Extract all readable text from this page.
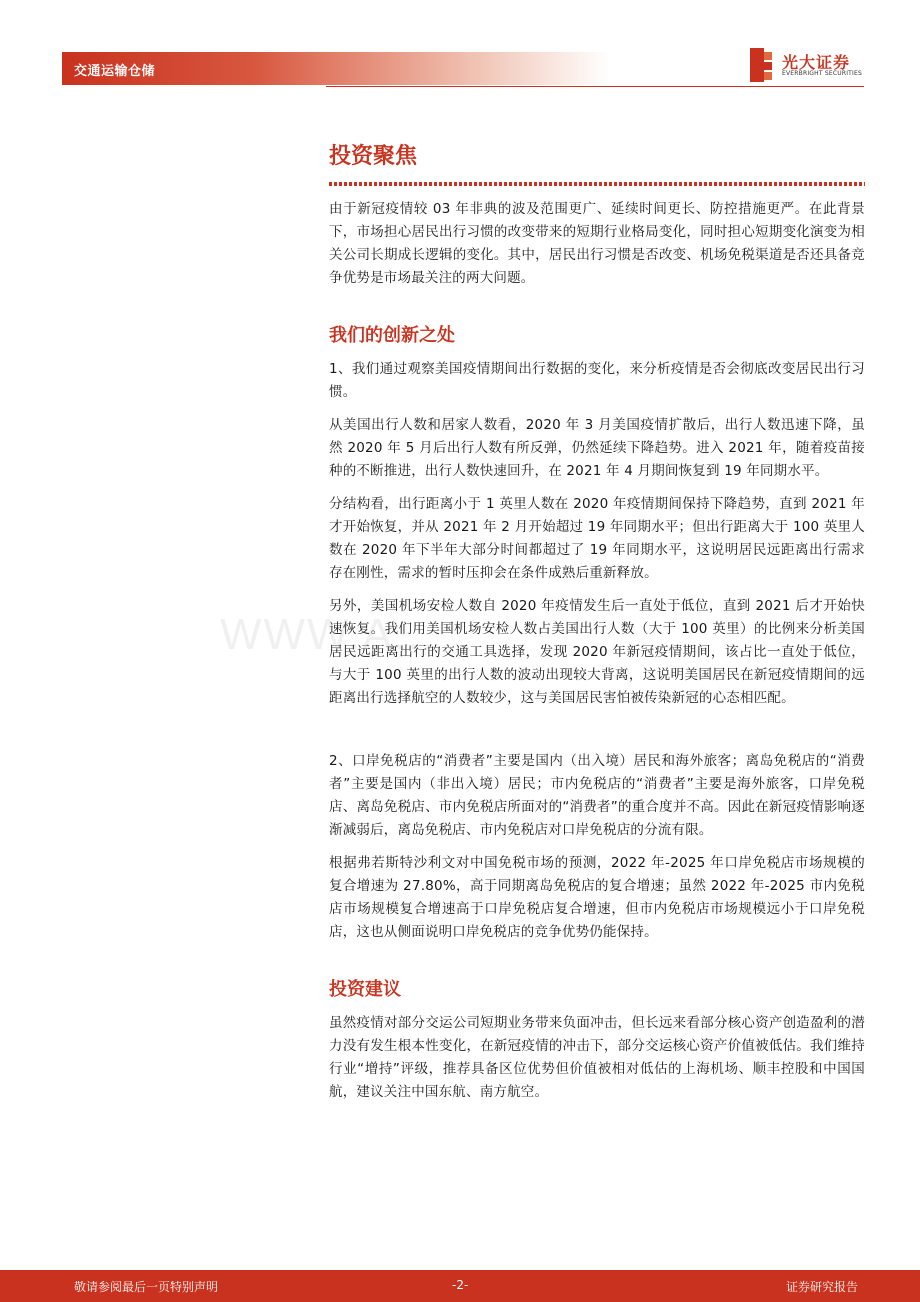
交通运输仓储	光大证券
EVERBRIGHT SECURITIES
WWW.A...
投资聚焦

由于新冠疫情较 03 年非典的波及范围更广、延续时间更长、防控措施更严。在此背景下，市场担心居民出行习惯的改变带来的短期行业格局变化，同时担心短期变化演变为相关公司长期成长逻辑的变化。其中，居民出行习惯是否改变、机场免税渠道是否还具备竞争优势是市场最关注的两大问题。

我们的创新之处

1、我们通过观察美国疫情期间出行数据的变化，来分析疫情是否会彻底改变居民出行习惯。

从美国出行人数和居家人数看，2020 年 3 月美国疫情扩散后，出行人数迅速下降，虽然 2020 年 5 月后出行人数有所反弹，仍然延续下降趋势。进入 2021 年，随着疫苗接种的不断推进，出行人数快速回升，在 2021 年 4 月期间恢复到 19 年同期水平。

分结构看，出行距离小于 1 英里人数在 2020 年疫情期间保持下降趋势，直到 2021 年才开始恢复，并从 2021 年 2 月开始超过 19 年同期水平；但出行距离大于 100 英里人数在 2020 年下半年大部分时间都超过了 19 年同期水平，这说明居民远距离出行需求存在刚性，需求的暂时压抑会在条件成熟后重新释放。

另外，美国机场安检人数自 2020 年疫情发生后一直处于低位，直到 2021 后才开始快速恢复。我们用美国机场安检人数占美国出行人数（大于 100 英里）的比例来分析美国居民远距离出行的交通工具选择，发现 2020 年新冠疫情期间，该占比一直处于低位，与大于 100 英里的出行人数的波动出现较大背离，这说明美国居民在新冠疫情期间的远距离出行选择航空的人数较少，这与美国居民害怕被传染新冠的心态相匹配。

2、口岸免税店的“消费者”主要是国内（出入境）居民和海外旅客；离岛免税店的“消费者”主要是国内（非出入境）居民；市内免税店的“消费者”主要是海外旅客，口岸免税店、离岛免税店、市内免税店所面对的“消费者”的重合度并不高。因此在新冠疫情影响逐渐减弱后，离岛免税店、市内免税店对口岸免税店的分流有限。

根据弗若斯特沙利文对中国免税市场的预测，2022 年-2025 年口岸免税店市场规模的复合增速为 27.80%，高于同期离岛免税店的复合增速；虽然 2022 年-2025 市内免税店市场规模复合增速高于口岸免税店复合增速，但市内免税店市场规模远小于口岸免税店，这也从侧面说明口岸免税店的竞争优势仍能保持。

投资建议

虽然疫情对部分交运公司短期业务带来负面冲击，但长远来看部分核心资产创造盈利的潜力没有发生根本性变化，在新冠疫情的冲击下，部分交运核心资产价值被低估。我们维持行业“增持”评级，推荐具备区位优势但价值被相对低估的上海机场、顺丰控股和中国国航，建议关注中国东航、南方航空。

敬请参阅最后一页特别声明	-2-	证券研究报告
